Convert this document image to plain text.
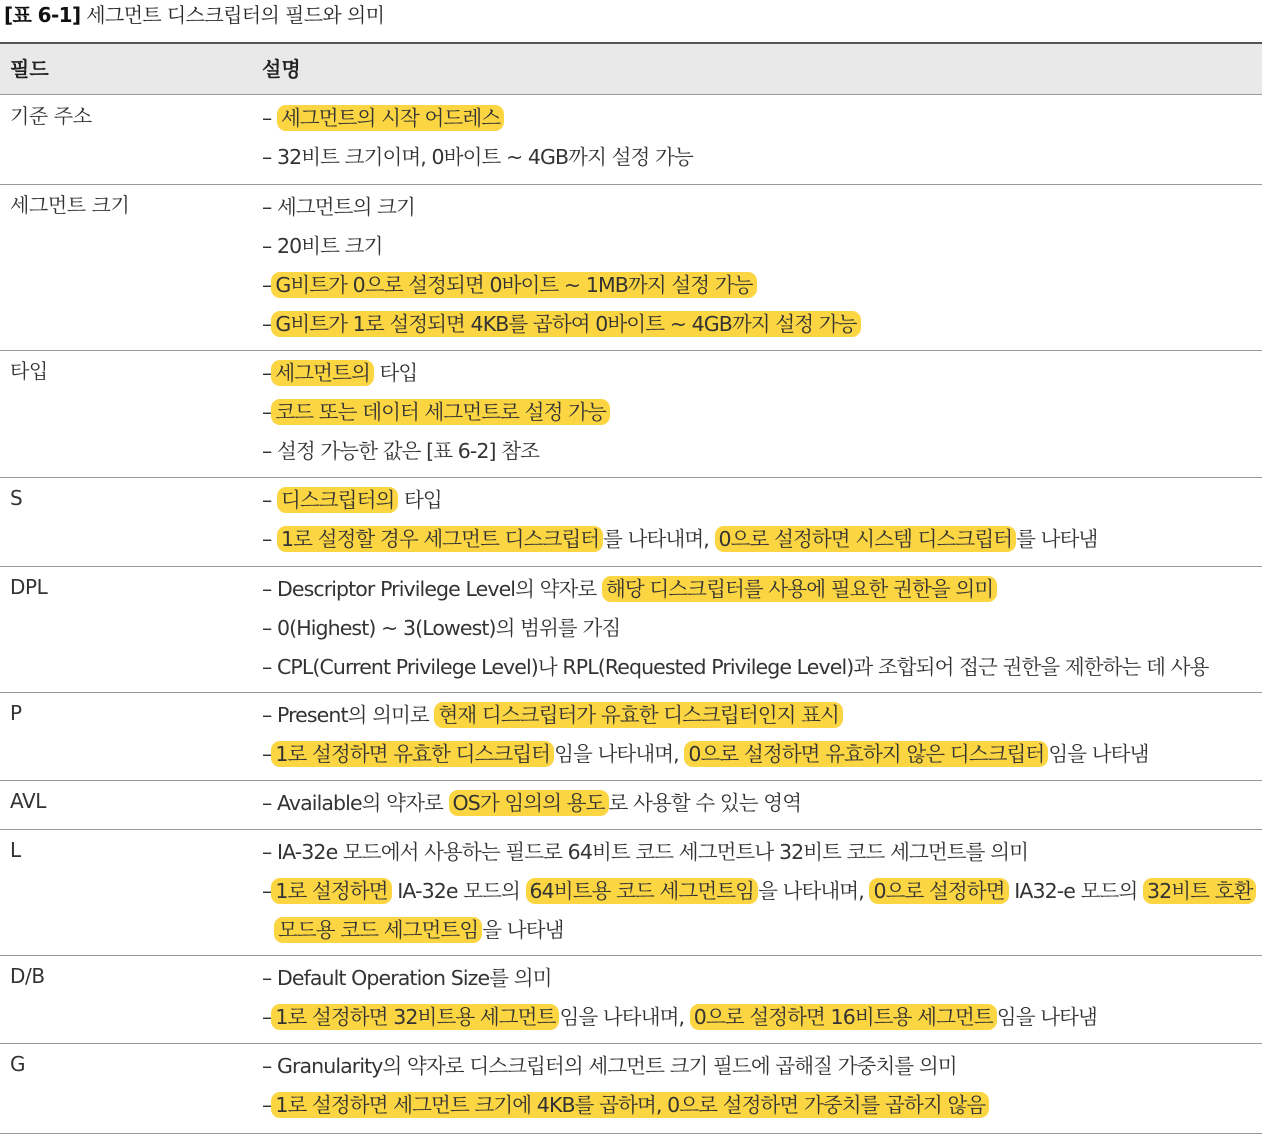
[표 6-1] 세그먼트 디스크립터의 필드와 의미
필드	설명
기준 주소	– 세그먼트의 시작 어드레스
– 32비트 크기이며, 0바이트 ~ 4GB까지 설정 가능
세그먼트 크기	– 세그먼트의 크기
– 20비트 크기
– G비트가 0으로 설정되면 0바이트 ~ 1MB까지 설정 가능
– G비트가 1로 설정되면 4KB를 곱하여 0바이트 ~ 4GB까지 설정 가능
타입	– 세그먼트의 타입
– 코드 또는 데이터 세그먼트로 설정 가능
– 설정 가능한 값은 [표 6-2] 참조
S	– 디스크립터의 타입
– 1로 설정할 경우 세그먼트 디스크립터 를 나타내며, 0으로 설정하면 시스템 디스크립터 를 나타냄
DPL	– Descriptor Privilege Level의 약자로 해당 디스크립터를 사용에 필요한 권한을 의미
– 0(Highest) ~ 3(Lowest)의 범위를 가짐
– CPL(Current Privilege Level)나 RPL(Requested Privilege Level)과 조합되어 접근 권한을 제한하는 데 사용
P	– Present의 의미로 현재 디스크립터가 유효한 디스크립터인지 표시
– 1로 설정하면 유효한 디스크립터 임을 나타내며, 0으로 설정하면 유효하지 않은 디스크립터 임을 나타냄
AVL	– Available의 약자로 OS가 임의의 용도 로 사용할 수 있는 영역
L	– IA-32e 모드에서 사용하는 필드로 64비트 코드 세그먼트나 32비트 코드 세그먼트를 의미
– 1로 설정하면 IA-32e 모드의 64비트용 코드 세그먼트임 을 나타내며, 0으로 설정하면 IA32-e 모드의 32비트 호환
모드용 코드 세그먼트임 을 나타냄
D/B	– Default Operation Size를 의미
– 1로 설정하면 32비트용 세그먼트 임을 나타내며, 0으로 설정하면 16비트용 세그먼트 임을 나타냄
G	– Granularity의 약자로 디스크립터의 세그먼트 크기 필드에 곱해질 가중치를 의미
– 1로 설정하면 세그먼트 크기에 4KB를 곱하며, 0으로 설정하면 가중치를 곱하지 않음
